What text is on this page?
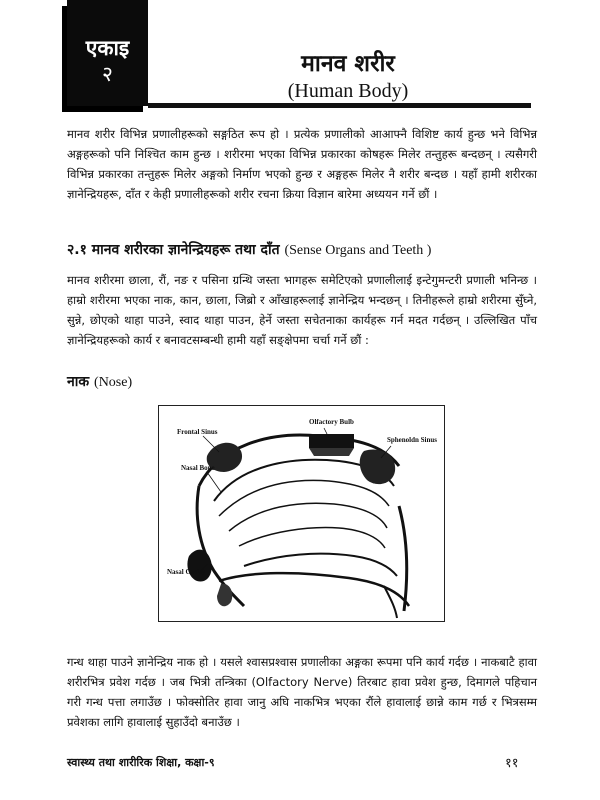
एकाइ
२	मानव शरीर
(Human Body)

मानव शरीर विभिन्न प्रणालीहरूको सङ्गठित रूप हो । प्रत्येक प्रणालीको आआफ्नै विशिष्ट कार्य हुन्छ भने विभिन्न अङ्गहरूको पनि निश्चित काम हुन्छ । शरीरमा भएका विभिन्न प्रकारका कोषहरू मिलेर तन्तुहरू बन्दछन् । त्यसैगरी विभिन्न प्रकारका तन्तुहरू मिलेर अङ्गको निर्माण भएको हुन्छ र अङ्गहरू मिलेर नै शरीर बन्दछ । यहाँ हामी शरीरका ज्ञानेन्द्रियहरू, दाँत र केही प्रणालीहरूको शरीर रचना क्रिया विज्ञान बारेमा अध्ययन गर्ने छौं ।

२.१ मानव शरीरका ज्ञानेन्द्रियहरू तथा दाँत (Sense Organs and Teeth )

मानव शरीरमा छाला, रौं, नङ र पसिना ग्रन्थि जस्ता भागहरू समेटिएको प्रणालीलाई इन्टेगुमन्टरी प्रणाली भनिन्छ । हाम्रो शरीरमा भएका नाक, कान, छाला, जिब्रो र आँखाहरूलाई ज्ञानेन्द्रिय भन्दछन् । तिनीहरूले हाम्रो शरीरमा सुँघ्ने, सुन्ने, छोएको थाहा पाउने, स्वाद थाहा पाउन, हेर्ने जस्ता सचेतनाका कार्यहरू गर्न मदत गर्दछन् । उल्लिखित पाँच ज्ञानेन्द्रियहरूको कार्य र बनावटसम्बन्धी हामी यहाँ सङ्क्षेपमा चर्चा गर्ने छौं :

नाक (Nose)
Frontal Sinus
Olfactory Bulb
Sphenoldn Sinus
Nasal Bone
Nasal Cavity

गन्ध थाहा पाउने ज्ञानेन्द्रिय नाक हो । यसले श्वासप्रश्वास प्रणालीका अङ्गका रूपमा पनि कार्य गर्दछ । नाकबाटै हावा शरीरभित्र प्रवेश गर्दछ । जब भित्री तन्त्रिका (Olfactory Nerve) तिरबाट हावा प्रवेश हुन्छ, दिमागले पहिचान गरी गन्ध पत्ता लगाउँछ । फोक्सोतिर हावा जानु अघि नाकभित्र भएका रौंले हावालाई छान्ने काम गर्छ र भित्रसम्म प्रवेशका लागि हावालाई सुहाउँदो बनाउँछ ।

स्वास्थ्य तथा शारीरिक शिक्षा, कक्षा-९	११
